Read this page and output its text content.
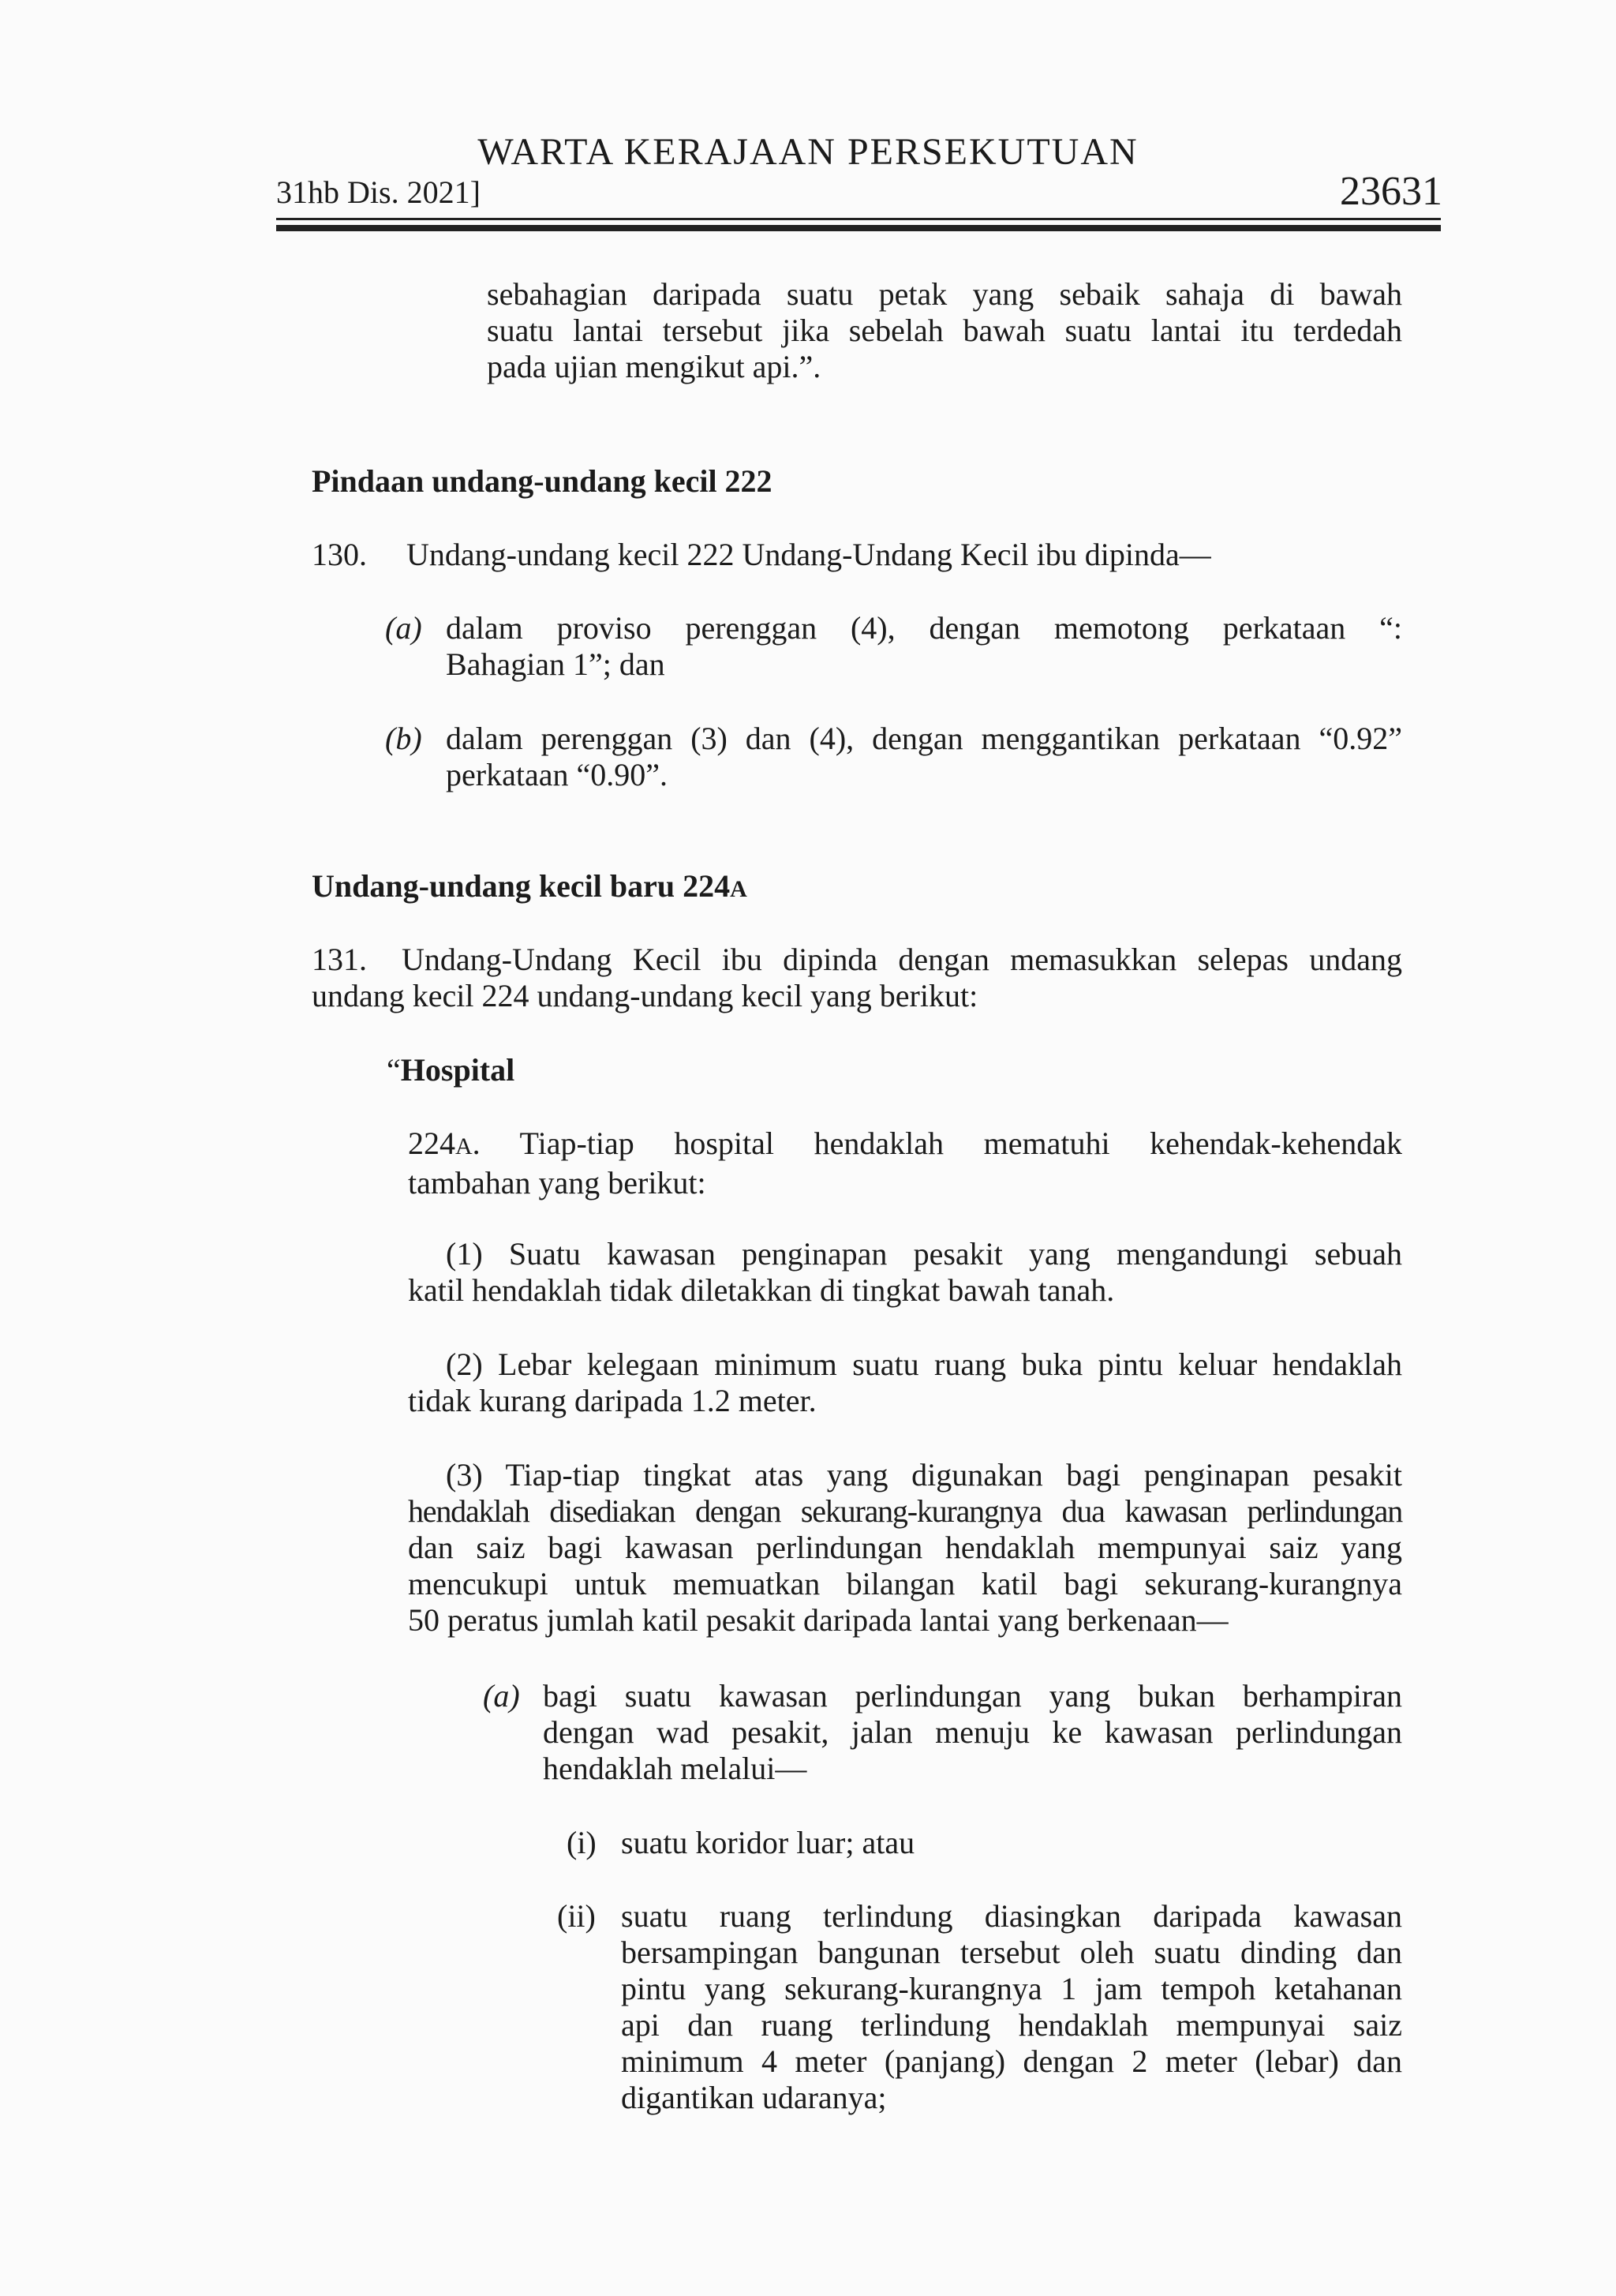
WARTA KERAJAAN PERSEKUTUAN
31hb Dis. 2021]	23631

sebahagian daripada suatu petak yang sebaik sahaja di bawah

suatu lantai tersebut jika sebelah bawah suatu lantai itu terdedah

pada ujian mengikut api.”.

Pindaan undang-undang kecil 222
130. Undang-undang kecil 222 Undang-Undang Kecil ibu dipinda—
(a) dalam proviso perenggan (4), dengan memotong perkataan “:

Bahagian 1”; dan

(b) dalam perenggan (3) dan (4), dengan menggantikan perkataan “0.92”

perkataan “0.90”.

Undang-undang kecil baru 224A

131. Undang-Undang Kecil ibu dipinda dengan memasukkan selepas undang

undang kecil 224 undang-undang kecil yang berikut:

“Hospital

224A. Tiap-tiap hospital hendaklah mematuhi kehendak-kehendak

tambahan yang berikut:

(1) Suatu kawasan penginapan pesakit yang mengandungi sebuah

katil hendaklah tidak diletakkan di tingkat bawah tanah.

(2) Lebar kelegaan minimum suatu ruang buka pintu keluar hendaklah

tidak kurang daripada 1.2 meter.

(3) Tiap-tiap tingkat atas yang digunakan bagi penginapan pesakit

hendaklah disediakan dengan sekurang-kurangnya dua kawasan perlindungan

dan saiz bagi kawasan perlindungan hendaklah mempunyai saiz yang

mencukupi untuk memuatkan bilangan katil bagi sekurang-kurangnya

50 peratus jumlah katil pesakit daripada lantai yang berkenaan—

(a) bagi suatu kawasan perlindungan yang bukan berhampiran

dengan wad pesakit, jalan menuju ke kawasan perlindungan

hendaklah melalui—

(i) suatu koridor luar; atau

(ii) suatu ruang terlindung diasingkan daripada kawasan

bersampingan bangunan tersebut oleh suatu dinding dan

pintu yang sekurang-kurangnya 1 jam tempoh ketahanan

api dan ruang terlindung hendaklah mempunyai saiz

minimum 4 meter (panjang) dengan 2 meter (lebar) dan

digantikan udaranya;
